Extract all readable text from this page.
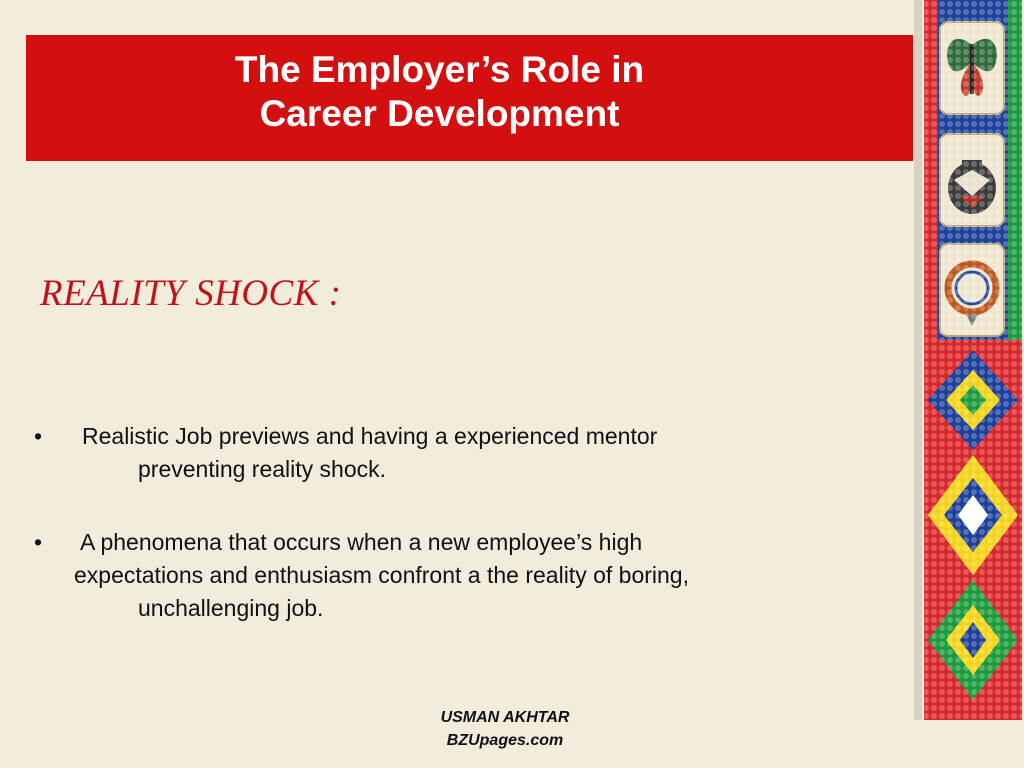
The Employer’s Role in
Career Development
REALITY SHOCK :
•	Realistic Job previews and having a experienced mentor
preventing reality shock.
•	A phenomena that occurs when a new employee’s high
expectations and enthusiasm confront a the reality of boring,
unchallenging job.
USMAN AKHTAR
BZUpages.com
